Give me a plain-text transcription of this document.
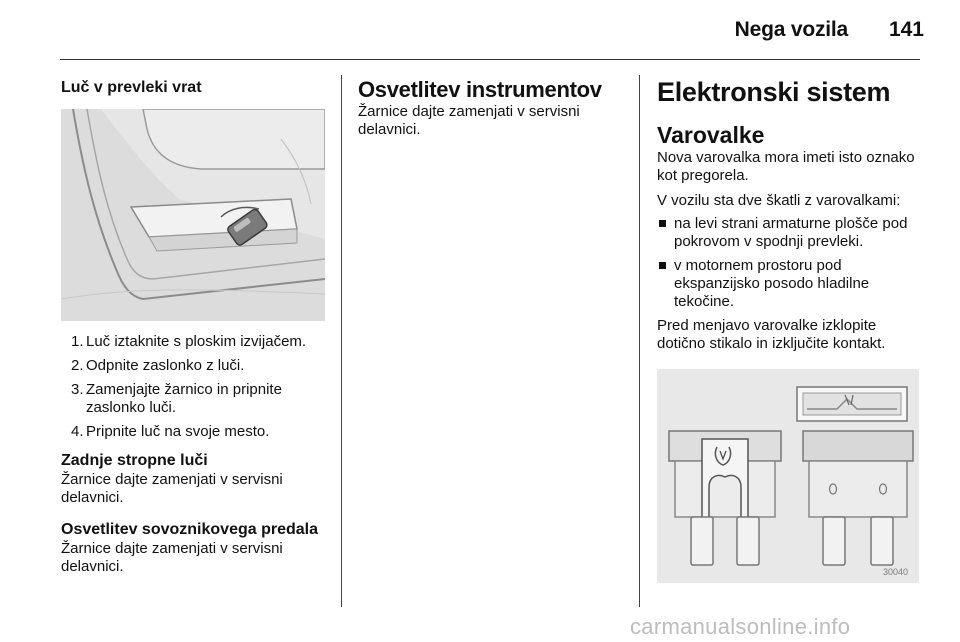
Nega vozila	141
Luč v prevleki vrat
1. Luč iztaknite s ploskim izvijačem.
2. Odpnite zaslonko z luči.
3. Zamenjajte žarnico in pripnite zaslonko luči.
4. Pripnite luč na svoje mesto.
Zadnje stropne luči

Žarnice dajte zamenjati v servisni delavnici.

Osvetlitev sovoznikovega predala

Žarnice dajte zamenjati v servisni delavnici.

Osvetlitev instrumentov

Žarnice dajte zamenjati v servisni delavnici.

Elektronski sistem
Varovalke

Nova varovalka mora imeti isto oznako kot pregorela.

V vozilu sta dve škatli z varovalkami:

na levi strani armaturne plošče pod pokrovom v spodnji prevleki.
v motornem prostoru pod ekspanzijsko posodo hladilne tekočine.

Pred menjavo varovalke izklopite dotično stikalo in izključite kontakt.

30040
carmanualsonline.info
